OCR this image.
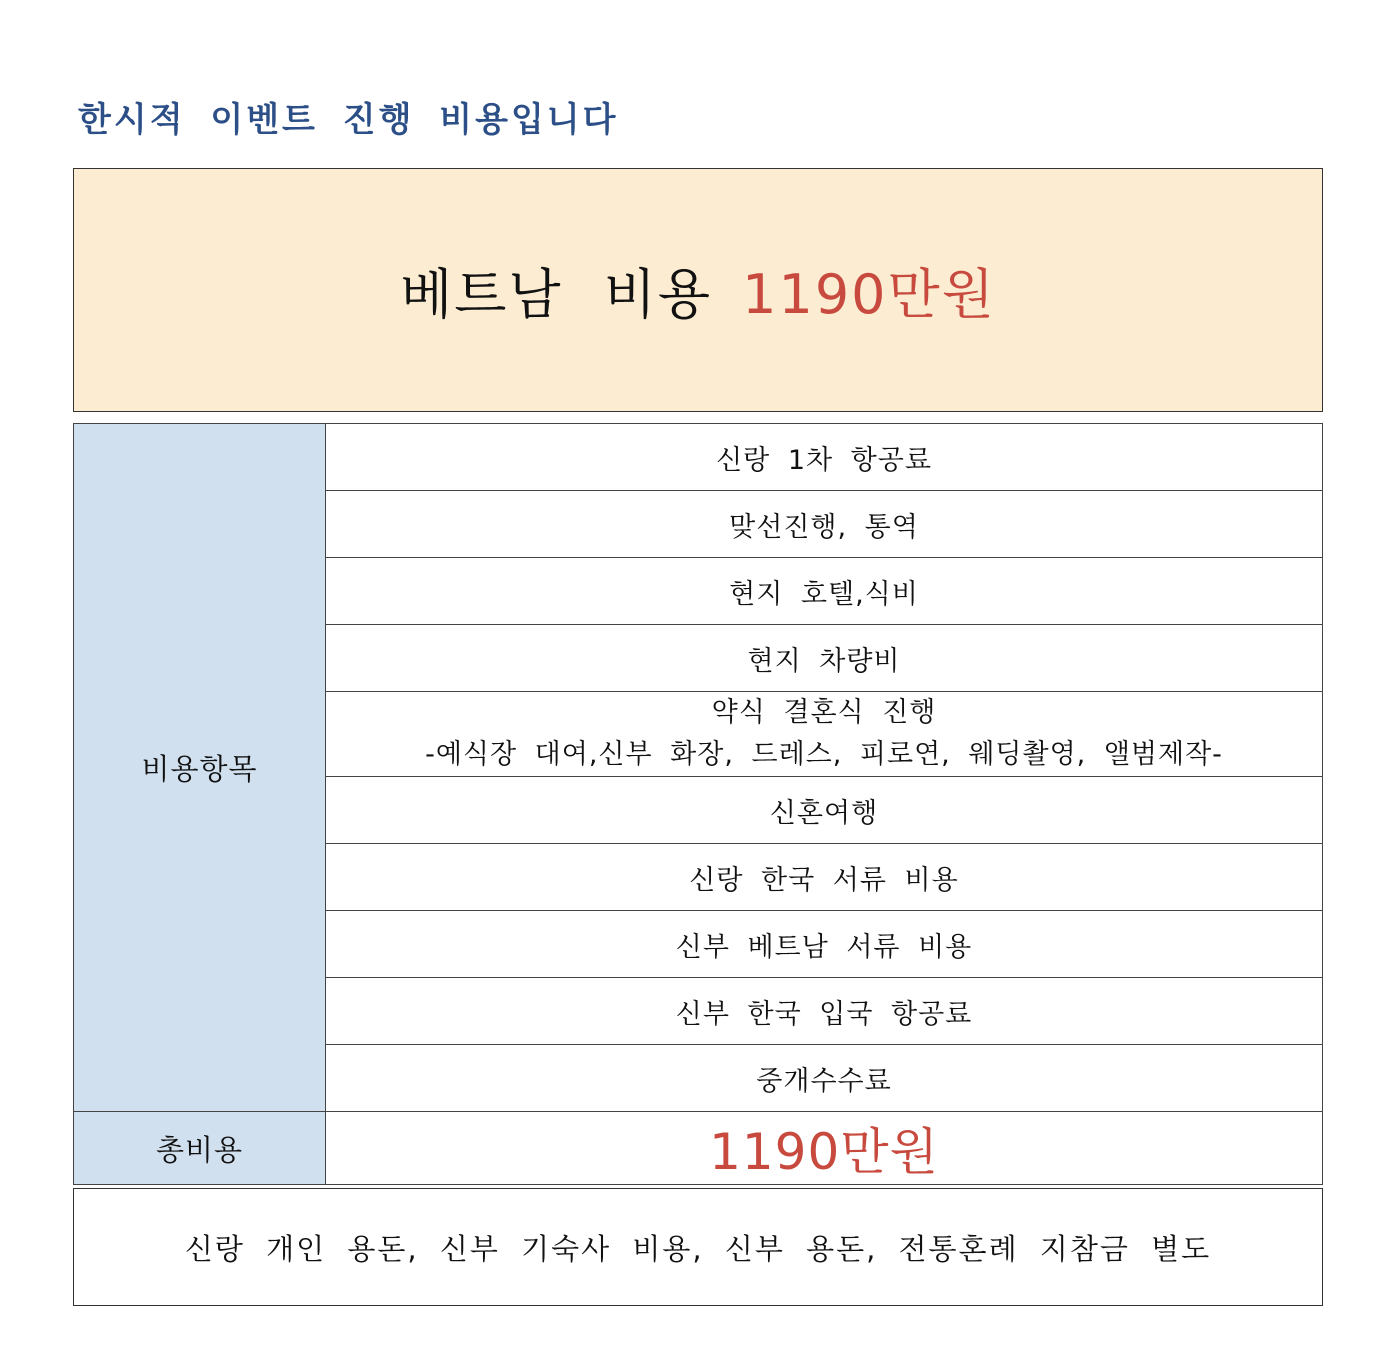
한시적 이벤트 진행 비용입니다
베트남 비용 1190만원
비용항목	신랑 1차 항공료
	맞선진행, 통역
	현지 호텔,식비
	현지 차량비

	약식 결혼식 진행
-예식장 대여,신부 화장, 드레스, 피로연, 웨딩촬영, 앨범제작-

	신혼여행
	신랑 한국 서류 비용
	신부 베트남 서류 비용
	신부 한국 입국 항공료
	중개수수료
총비용	1190만원
신랑 개인 용돈, 신부 기숙사 비용, 신부 용돈, 전통혼례 지참금 별도
